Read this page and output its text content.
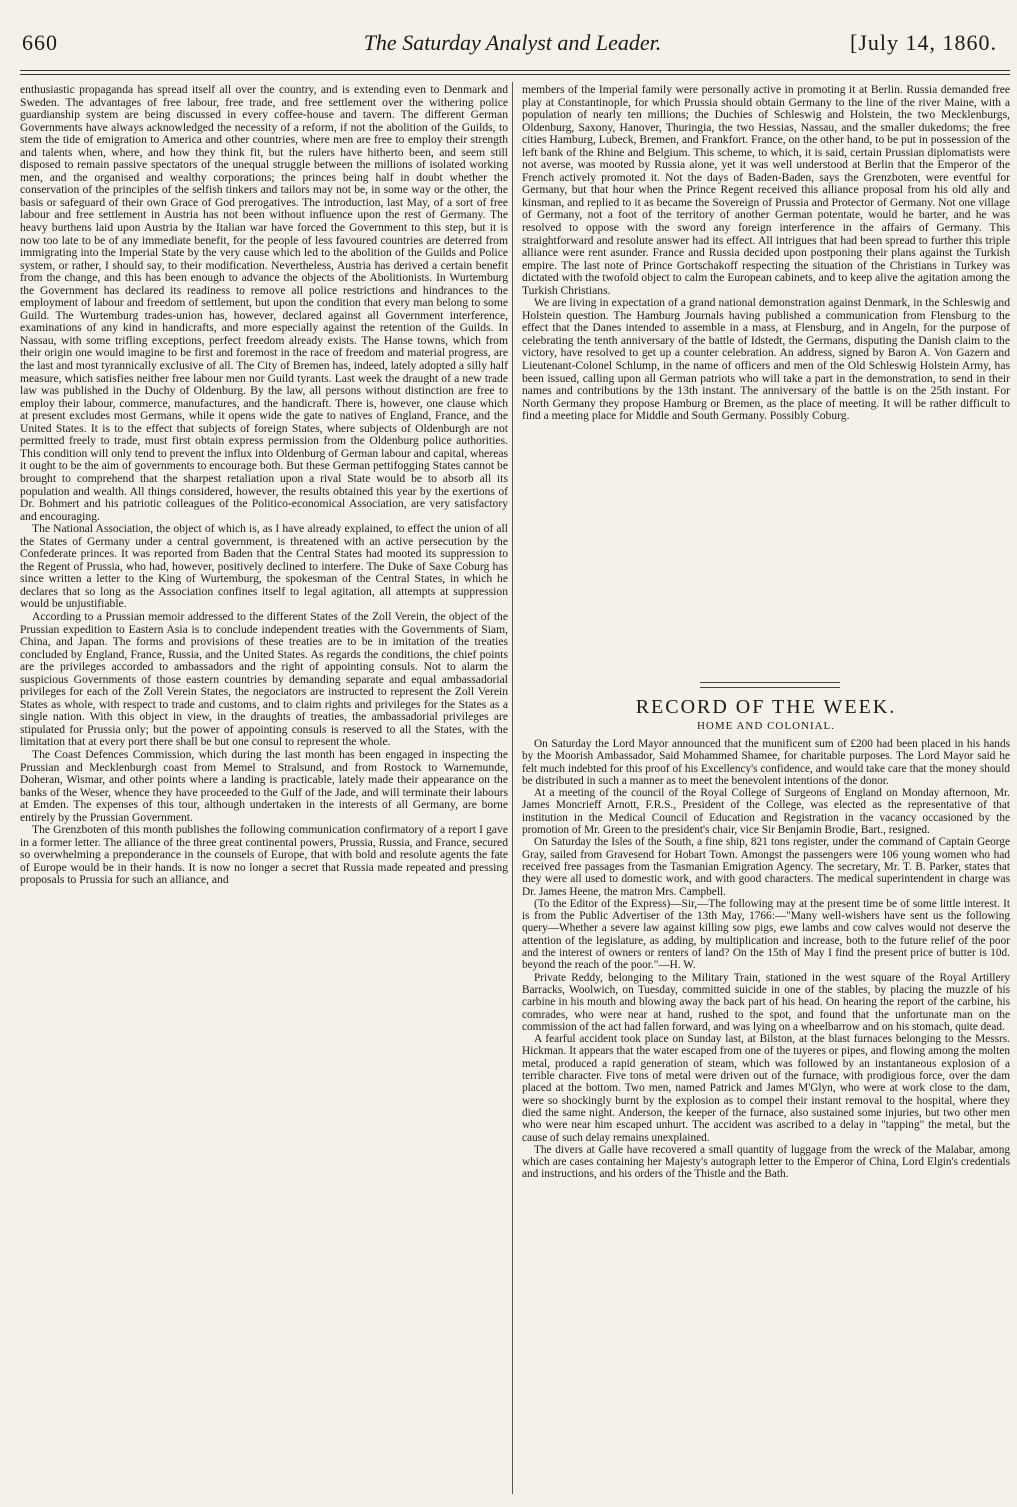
660	The Saturday Analyst and Leader.	[July 14, 1860.

enthusiastic propaganda has spread itself all over the country, and is extending even to Denmark and Sweden. The advantages of free labour, free trade, and free settlement over the withering police guardianship system are being discussed in every coffee-house and tavern. The different German Governments have always acknowledged the necessity of a reform, if not the abolition of the Guilds, to stem the tide of emigration to America and other countries, where men are free to employ their strength and talents when, where, and how they think fit, but the rulers have hitherto been, and seem still disposed to remain passive spectators of the unequal struggle between the millions of isolated working men, and the organised and wealthy corporations; the princes being half in doubt whether the conservation of the principles of the selfish tinkers and tailors may not be, in some way or the other, the basis or safeguard of their own Grace of God prerogatives. The introduction, last May, of a sort of free labour and free settlement in Austria has not been without influence upon the rest of Germany. The heavy burthens laid upon Austria by the Italian war have forced the Government to this step, but it is now too late to be of any immediate benefit, for the people of less favoured countries are deterred from immigrating into the Imperial State by the very cause which led to the abolition of the Guilds and Police system, or rather, I should say, to their modification. Nevertheless, Austria has derived a certain benefit from the change, and this has been enough to advance the objects of the Abolitionists. In Wurtemburg the Government has declared its readiness to remove all police restrictions and hindrances to the employment of labour and freedom of settlement, but upon the condition that every man belong to some Guild. The Wurtemburg trades-union has, however, declared against all Government interference, examinations of any kind in handicrafts, and more especially against the retention of the Guilds. In Nassau, with some trifling exceptions, perfect freedom already exists. The Hanse towns, which from their origin one would imagine to be first and foremost in the race of freedom and material progress, are the last and most tyrannically exclusive of all. The City of Bremen has, indeed, lately adopted a silly half measure, which satisfies neither free labour men nor Guild tyrants. Last week the draught of a new trade law was published in the Duchy of Oldenburg. By the law, all persons without distinction are free to employ their labour, commerce, manufactures, and the handicraft. There is, however, one clause which at present excludes most Germans, while it opens wide the gate to natives of England, France, and the United States. It is to the effect that subjects of foreign States, where subjects of Oldenburgh are not permitted freely to trade, must first obtain express permission from the Oldenburg police authorities. This condition will only tend to prevent the influx into Oldenburg of German labour and capital, whereas it ought to be the aim of governments to encourage both. But these German pettifogging States cannot be brought to comprehend that the sharpest retaliation upon a rival State would be to absorb all its population and wealth. All things considered, however, the results obtained this year by the exertions of Dr. Bohmert and his patriotic colleagues of the Politico-economical Association, are very satisfactory and encouraging.

The National Association, the object of which is, as I have already explained, to effect the union of all the States of Germany under a central government, is threatened with an active persecution by the Confederate princes. It was reported from Baden that the Central States had mooted its suppression to the Regent of Prussia, who had, however, positively declined to interfere. The Duke of Saxe Coburg has since written a letter to the King of Wurtemburg, the spokesman of the Central States, in which he declares that so long as the Association confines itself to legal agitation, all attempts at suppression would be unjustifiable.

According to a Prussian memoir addressed to the different States of the Zoll Verein, the object of the Prussian expedition to Eastern Asia is to conclude independent treaties with the Governments of Siam, China, and Japan. The forms and provisions of these treaties are to be in imitation of the treaties concluded by England, France, Russia, and the United States. As regards the conditions, the chief points are the privileges accorded to ambassadors and the right of appointing consuls. Not to alarm the suspicious Governments of those eastern countries by demanding separate and equal ambassadorial privileges for each of the Zoll Verein States, the negociators are instructed to represent the Zoll Verein States as whole, with respect to trade and customs, and to claim rights and privileges for the States as a single nation. With this object in view, in the draughts of treaties, the ambassadorial privileges are stipulated for Prussia only; but the power of appointing consuls is reserved to all the States, with the limitation that at every port there shall be but one consul to represent the whole.

The Coast Defences Commission, which during the last month has been engaged in inspecting the Prussian and Mecklenburgh coast from Memel to Stralsund, and from Rostock to Warnemunde, Doheran, Wismar, and other points where a landing is practicable, lately made their appearance on the banks of the Weser, whence they have proceeded to the Gulf of the Jade, and will terminate their labours at Emden. The expenses of this tour, although undertaken in the interests of all Germany, are borne entirely by the Prussian Government.

The Grenzboten of this month publishes the following communication confirmatory of a report I gave in a former letter. The alliance of the three great continental powers, Prussia, Russia, and France, secured so overwhelming a preponderance in the counsels of Europe, that with bold and resolute agents the fate of Europe would be in their hands. It is now no longer a secret that Russia made repeated and pressing proposals to Prussia for such an alliance, and

members of the Imperial family were personally active in promoting it at Berlin. Russia demanded free play at Constantinople, for which Prussia should obtain Germany to the line of the river Maine, with a population of nearly ten millions; the Duchies of Schleswig and Holstein, the two Mecklenburgs, Oldenburg, Saxony, Hanover, Thuringia, the two Hessias, Nassau, and the smaller dukedoms; the free cities Hamburg, Lubeck, Bremen, and Frankfort. France, on the other hand, to be put in possession of the left bank of the Rhine and Belgium. This scheme, to which, it is said, certain Prussian diplomatists were not averse, was mooted by Russia alone, yet it was well understood at Berlin that the Emperor of the French actively promoted it. Not the days of Baden-Baden, says the Grenzboten, were eventful for Germany, but that hour when the Prince Regent received this alliance proposal from his old ally and kinsman, and replied to it as became the Sovereign of Prussia and Protector of Germany. Not one village of Germany, not a foot of the territory of another German potentate, would he barter, and he was resolved to oppose with the sword any foreign interference in the affairs of Germany. This straightforward and resolute answer had its effect. All intrigues that had been spread to further this triple alliance were rent asunder. France and Russia decided upon postponing their plans against the Turkish empire. The last note of Prince Gortschakoff respecting the situation of the Christians in Turkey was dictated with the twofold object to calm the European cabinets, and to keep alive the agitation among the Turkish Christians.

We are living in expectation of a grand national demonstration against Denmark, in the Schleswig and Holstein question. The Hamburg Journals having published a communication from Flensburg to the effect that the Danes intended to assemble in a mass, at Flensburg, and in Angeln, for the purpose of celebrating the tenth anniversary of the battle of Idstedt, the Germans, disputing the Danish claim to the victory, have resolved to get up a counter celebration. An address, signed by Baron A. Von Gazern and Lieutenant-Colonel Schlump, in the name of officers and men of the Old Schleswig Holstein Army, has been issued, calling upon all German patriots who will take a part in the demonstration, to send in their names and contributions by the 13th instant. The anniversary of the battle is on the 25th instant. For North Germany they propose Hamburg or Bremen, as the place of meeting. It will be rather difficult to find a meeting place for Middle and South Germany. Possibly Coburg.

RECORD OF THE WEEK.
HOME AND COLONIAL.

On Saturday the Lord Mayor announced that the munificent sum of £200 had been placed in his hands by the Moorish Ambassador, Said Mohammed Shamee, for charitable purposes. The Lord Mayor said he felt much indebted for this proof of his Excellency's confidence, and would take care that the money should be distributed in such a manner as to meet the benevolent intentions of the donor.

At a meeting of the council of the Royal College of Surgeons of England on Monday afternoon, Mr. James Moncrieff Arnott, F.R.S., President of the College, was elected as the representative of that institution in the Medical Council of Education and Registration in the vacancy occasioned by the promotion of Mr. Green to the president's chair, vice Sir Benjamin Brodie, Bart., resigned.

On Saturday the Isles of the South, a fine ship, 821 tons register, under the command of Captain George Gray, sailed from Gravesend for Hobart Town. Amongst the passengers were 106 young women who had received free passages from the Tasmanian Emigration Agency. The secretary, Mr. T. B. Parker, states that they were all used to domestic work, and with good characters. The medical superintendent in charge was Dr. James Heene, the matron Mrs. Campbell.

(To the Editor of the Express)—Sir,—The following may at the present time be of some little interest. It is from the Public Advertiser of the 13th May, 1766:—"Many well-wishers have sent us the following query—Whether a severe law against killing sow pigs, ewe lambs and cow calves would not deserve the attention of the legislature, as adding, by multiplication and increase, both to the future relief of the poor and the interest of owners or renters of land? On the 15th of May I find the present price of butter is 10d. beyond the reach of the poor."—H. W.

Private Reddy, belonging to the Military Train, stationed in the west square of the Royal Artillery Barracks, Woolwich, on Tuesday, committed suicide in one of the stables, by placing the muzzle of his carbine in his mouth and blowing away the back part of his head. On hearing the report of the carbine, his comrades, who were near at hand, rushed to the spot, and found that the unfortunate man on the commission of the act had fallen forward, and was lying on a wheelbarrow and on his stomach, quite dead.

A fearful accident took place on Sunday last, at Bilston, at the blast furnaces belonging to the Messrs. Hickman. It appears that the water escaped from one of the tuyeres or pipes, and flowing among the molten metal, produced a rapid generation of steam, which was followed by an instantaneous explosion of a terrible character. Five tons of metal were driven out of the furnace, with prodigious force, over the dam placed at the bottom. Two men, named Patrick and James M'Glyn, who were at work close to the dam, were so shockingly burnt by the explosion as to compel their instant removal to the hospital, where they died the same night. Anderson, the keeper of the furnace, also sustained some injuries, but two other men who were near him escaped unhurt. The accident was ascribed to a delay in "tapping" the metal, but the cause of such delay remains unexplained.

The divers at Galle have recovered a small quantity of luggage from the wreck of the Malabar, among which are cases containing her Majesty's autograph letter to the Emperor of China, Lord Elgin's credentials and instructions, and his orders of the Thistle and the Bath.
